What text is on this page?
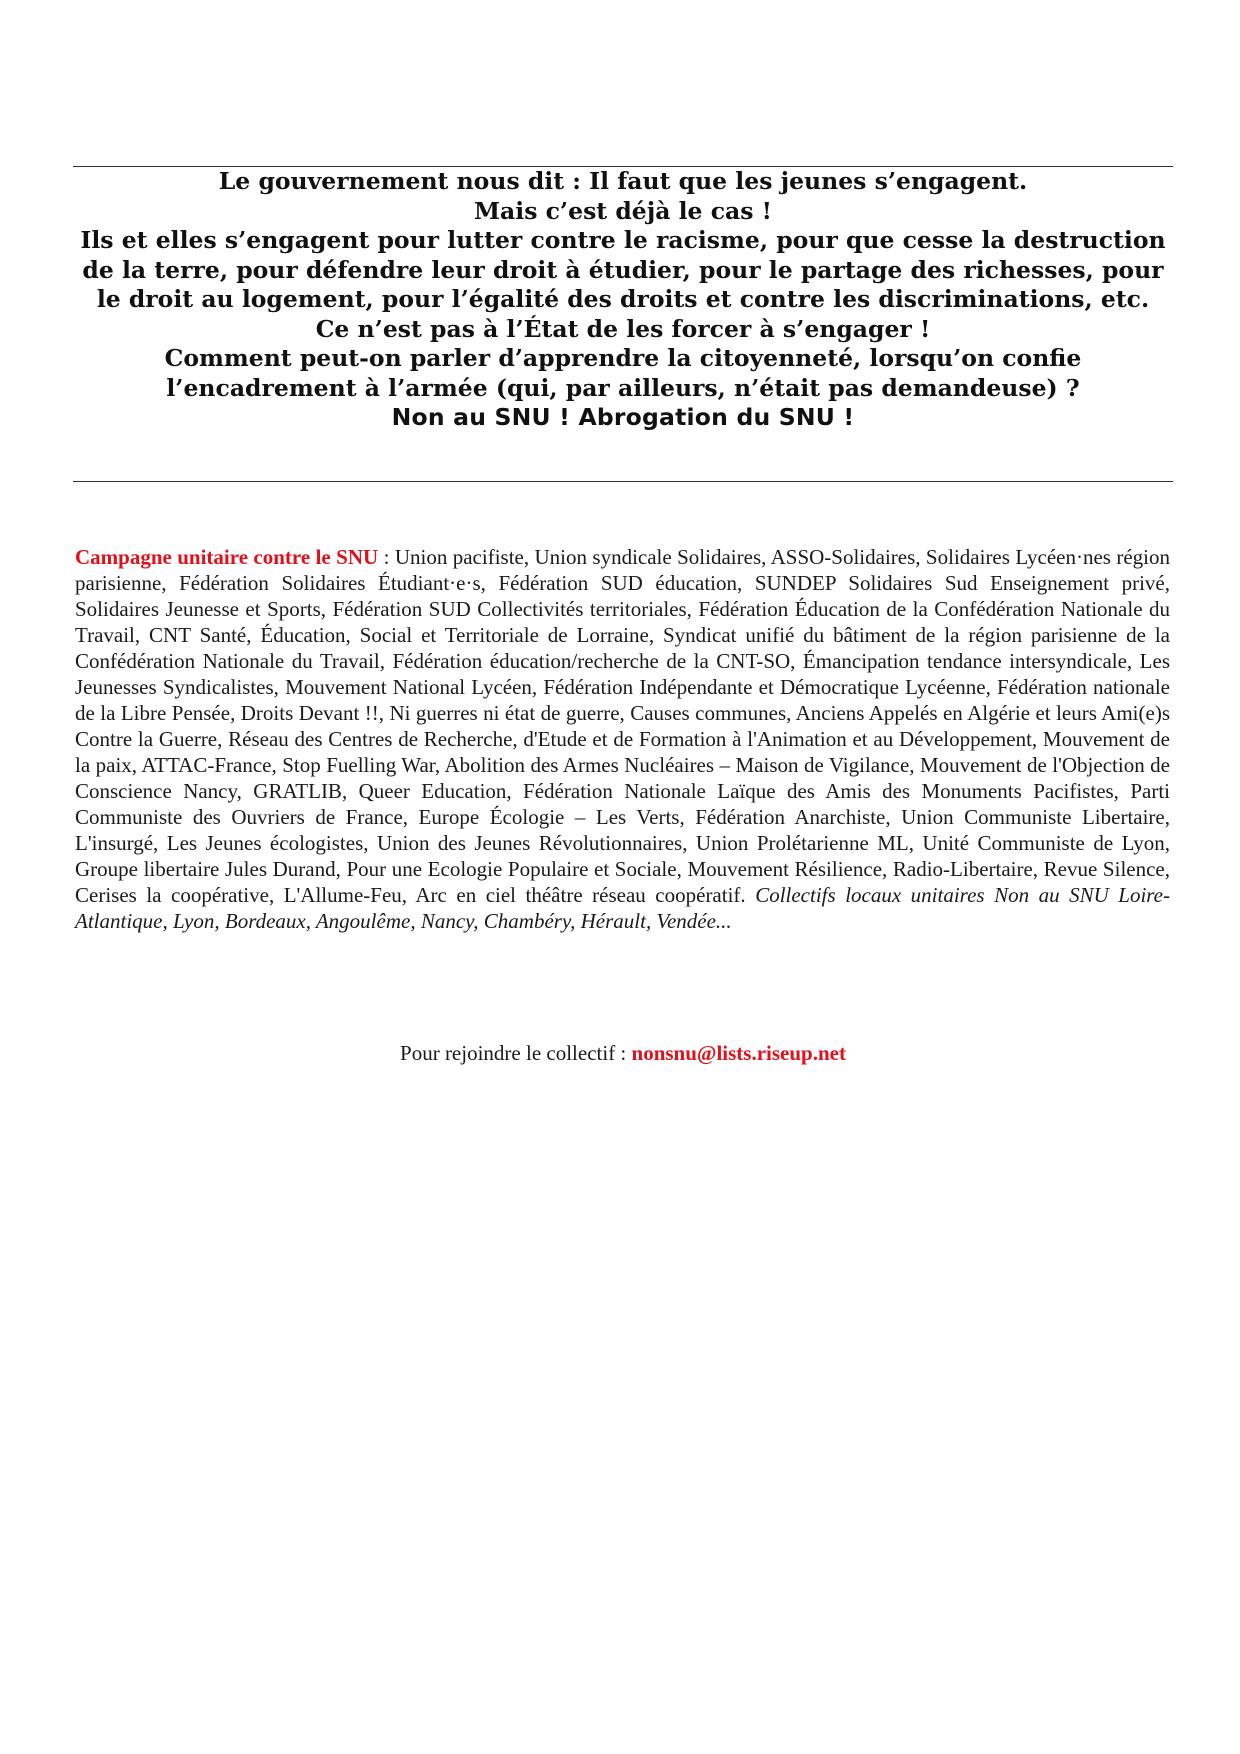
Le gouvernement nous dit : Il faut que les jeunes s’engagent.
Mais c’est déjà le cas !

Ils et elles s’engagent pour lutter contre le racisme, pour que cesse la destruction
de la terre, pour défendre leur droit à étudier, pour le partage des richesses, pour
le droit au logement, pour l’égalité des droits et contre les discriminations, etc.
Ce n’est pas à l’État de les forcer à s’engager !

Comment peut-on parler d’apprendre la citoyenneté, lorsqu’on confie
l’encadrement à l’armée (qui, par ailleurs, n’était pas demandeuse) ?

Non au SNU ! Abrogation du SNU !

Campagne unitaire contre le SNU : Union pacifiste, Union syndicale Solidaires, ASSO-Solidaires, Solidaires Lycéen·nes région parisienne, Fédération Solidaires Étudiant·e·s, Fédération SUD éducation, SUNDEP Solidaires Sud Enseignement privé, Solidaires Jeunesse et Sports, Fédération SUD Collectivités territoriales, Fédération Éducation de la Confédération Nationale du Travail, CNT Santé, Éducation, Social et Territoriale de Lorraine, Syndicat unifié du bâtiment de la région parisienne de la Confédération Nationale du Travail, Fédération éducation/recherche de la CNT-SO, Émancipation tendance intersyndicale, Les Jeunesses Syndicalistes, Mouvement National Lycéen, Fédération Indépendante et Démocratique Lycéenne, Fédération nationale de la Libre Pensée, Droits Devant !!, Ni guerres ni état de guerre, Causes communes, Anciens Appelés en Algérie et leurs Ami(e)s Contre la Guerre, Réseau des Centres de Recherche, d'Etude et de Formation à l'Animation et au Développement, Mouvement de la paix, ATTAC-France, Stop Fuelling War, Abolition des Armes Nucléaires – Maison de Vigilance, Mouvement de l'Objection de Conscience Nancy, GRATLIB, Queer Education, Fédération Nationale Laïque des Amis des Monuments Pacifistes, Parti Communiste des Ouvriers de France, Europe Écologie – Les Verts, Fédération Anarchiste, Union Communiste Libertaire, L'insurgé, Les Jeunes écologistes, Union des Jeunes Révolutionnaires, Union Prolétarienne ML, Unité Communiste de Lyon, Groupe libertaire Jules Durand, Pour une Ecologie Populaire et Sociale, Mouvement Résilience, Radio-Libertaire, Revue Silence, Cerises la coopérative, L'Allume-Feu, Arc en ciel théâtre réseau coopératif. Collectifs locaux unitaires Non au SNU Loire-Atlantique, Lyon, Bordeaux, Angoulême, Nancy, Chambéry, Hérault, Vendée...

Pour rejoindre le collectif : nonsnu@lists.riseup.net
